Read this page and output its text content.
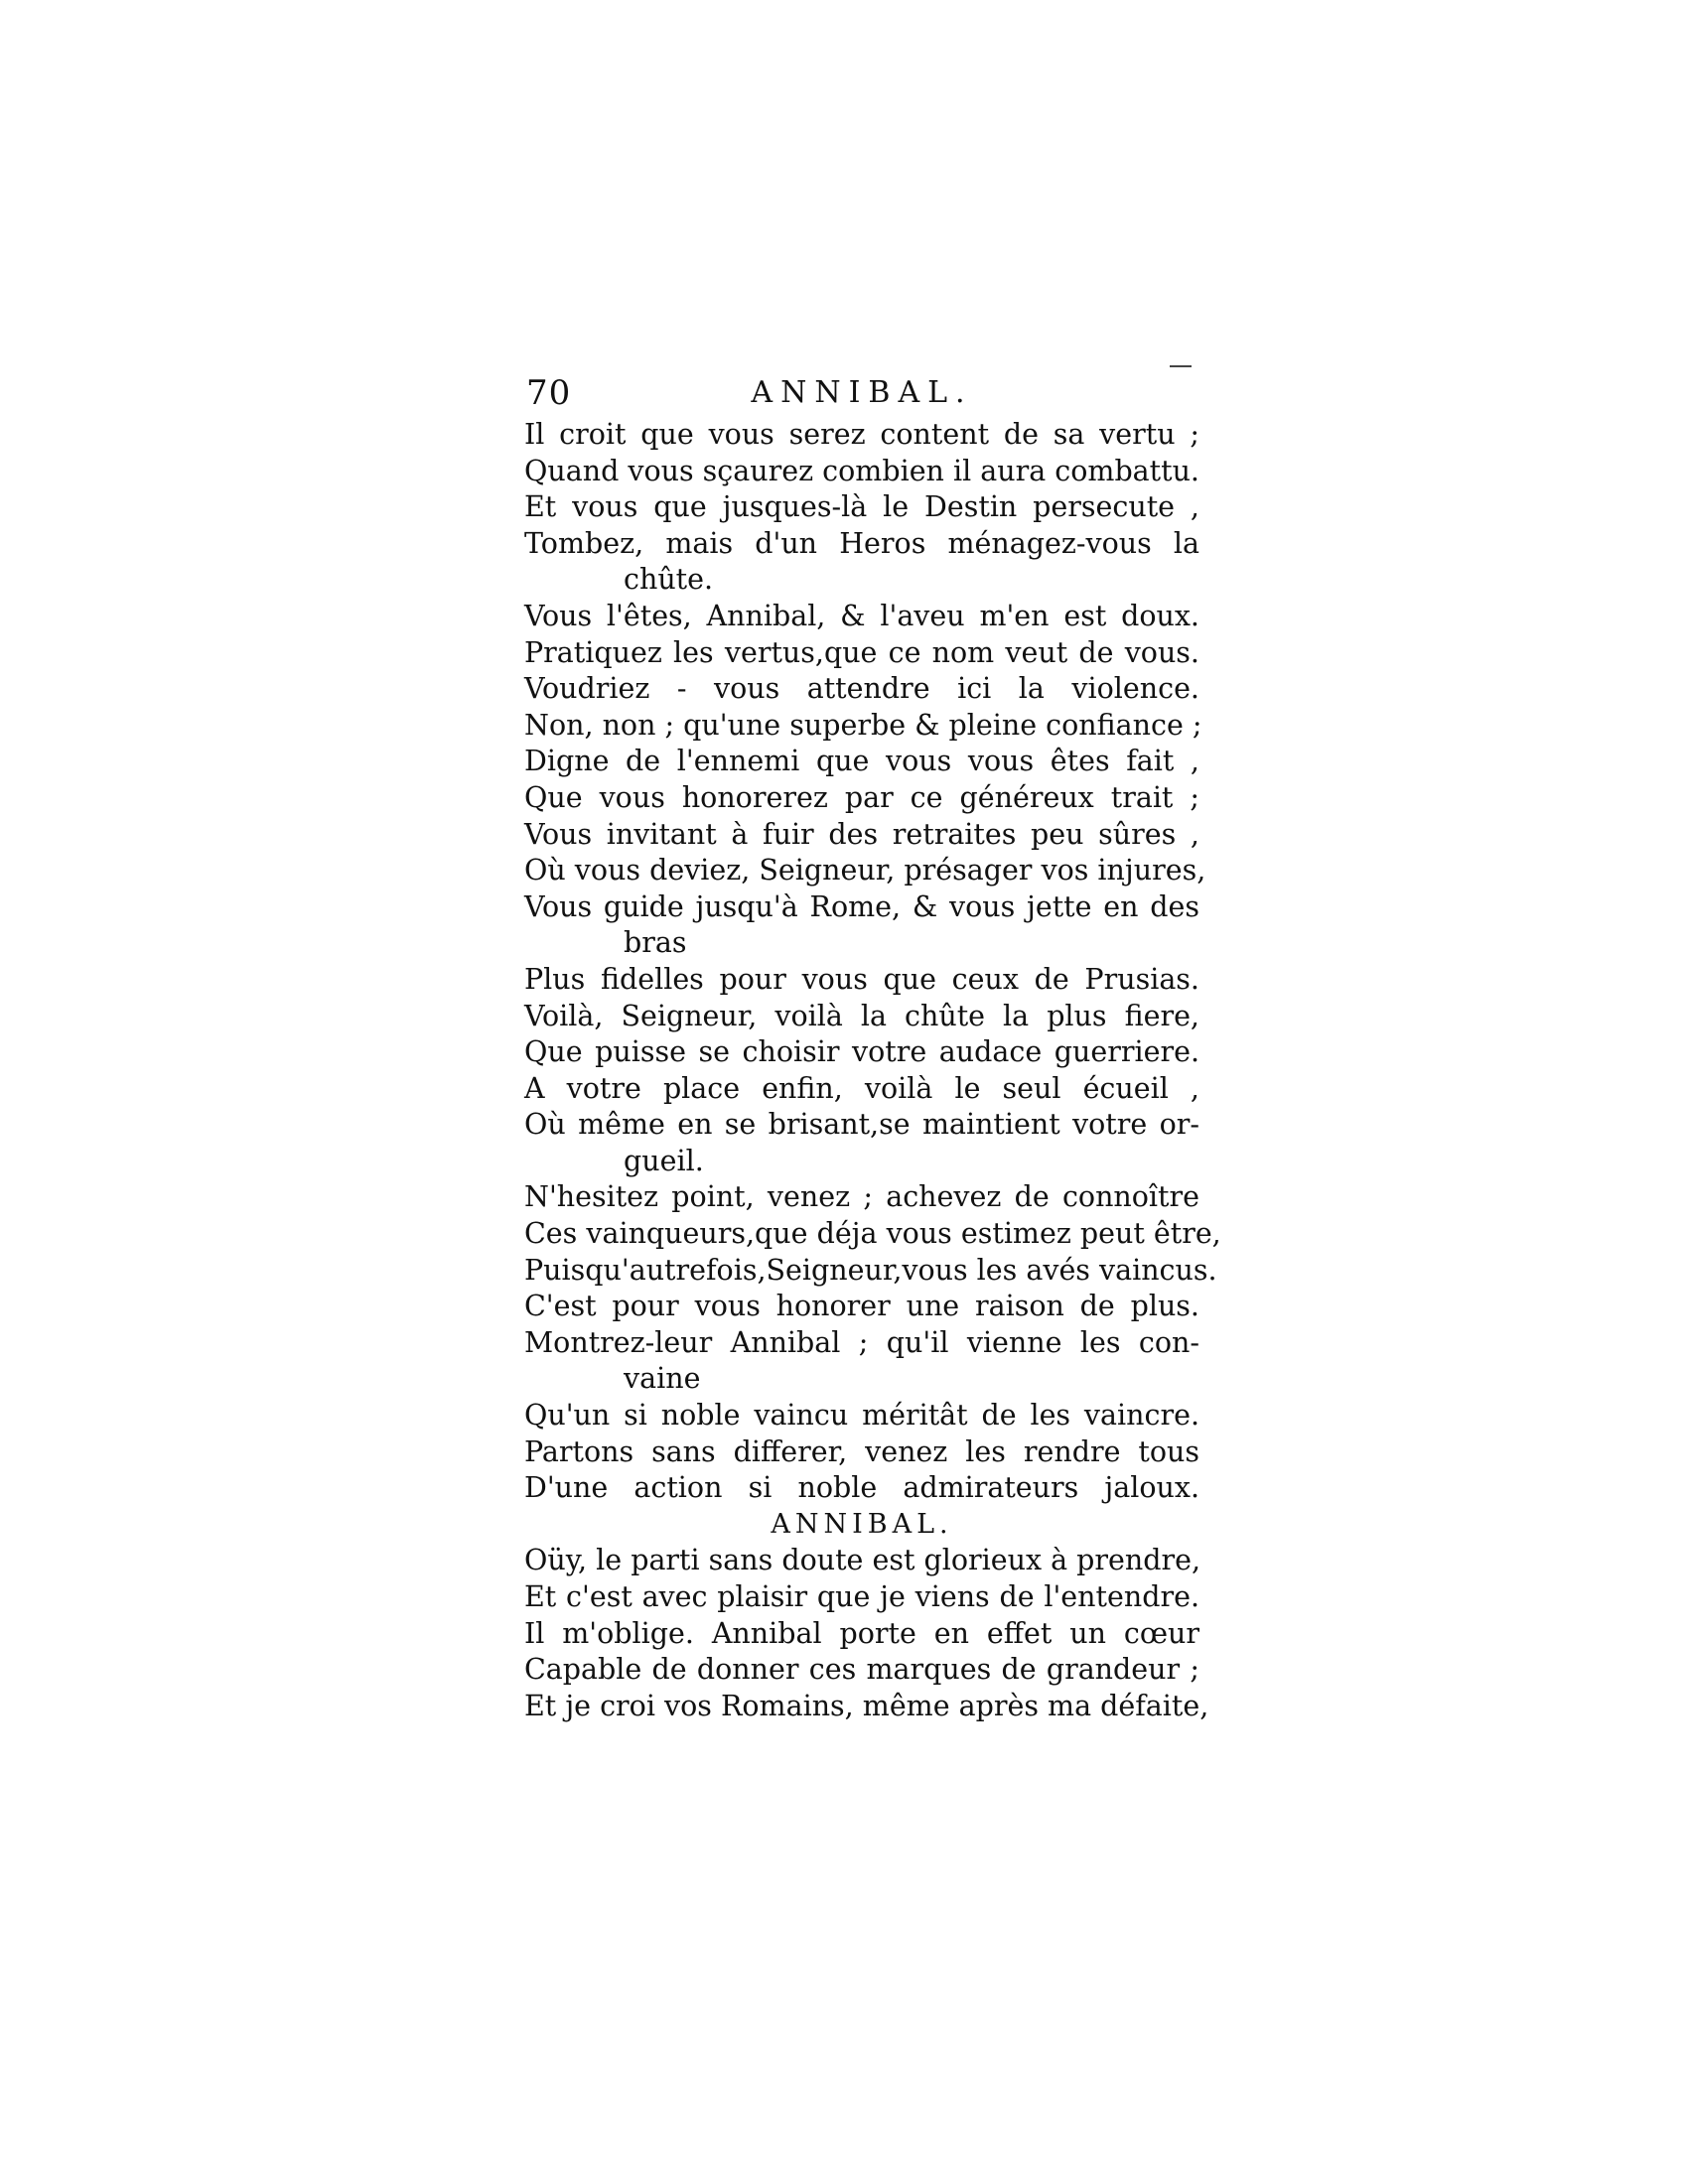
70	ANNIBAL.
Il croit que vous serez content de sa vertu ;
Quand vous sçaurez combien il aura combattu.
Et vous que jusques-là le Destin persecute ,
Tombez, mais d'un Heros ménagez-vous la
chûte.
Vous l'êtes, Annibal, & l'aveu m'en est doux.
Pratiquez les vertus,que ce nom veut de vous.
Voudriez - vous attendre ici la violence.
Non, non ; qu'une superbe & pleine confiance ;
Digne de l'ennemi que vous vous êtes fait ,
Que vous honorerez par ce généreux trait ;
Vous invitant à fuir des retraites peu sûres ,
Où vous deviez, Seigneur, présager vos injures,
Vous guide jusqu'à Rome, & vous jette en des
bras
Plus fidelles pour vous que ceux de Prusias.
Voilà, Seigneur, voilà la chûte la plus fiere,
Que puisse se choisir votre audace guerriere.
A votre place enfin, voilà le seul écueil ,
Où même en se brisant,se maintient votre or-
gueil.
N'hesitez point, venez ; achevez de connoître
Ces vainqueurs,que déja vous estimez peut être,
Puisqu'autrefois,Seigneur,vous les avés vaincus.
C'est pour vous honorer une raison de plus.
Montrez-leur Annibal ; qu'il vienne les con-
vaine
Qu'un si noble vaincu méritât de les vaincre.
Partons sans differer, venez les rendre tous
D'une action si noble admirateurs jaloux.
ANNIBAL.
Oüy, le parti sans doute est glorieux à prendre,
Et c'est avec plaisir que je viens de l'entendre.
Il m'oblige. Annibal porte en effet un cœur
Capable de donner ces marques de grandeur ;
Et je croi vos Romains, même après ma défaite,
